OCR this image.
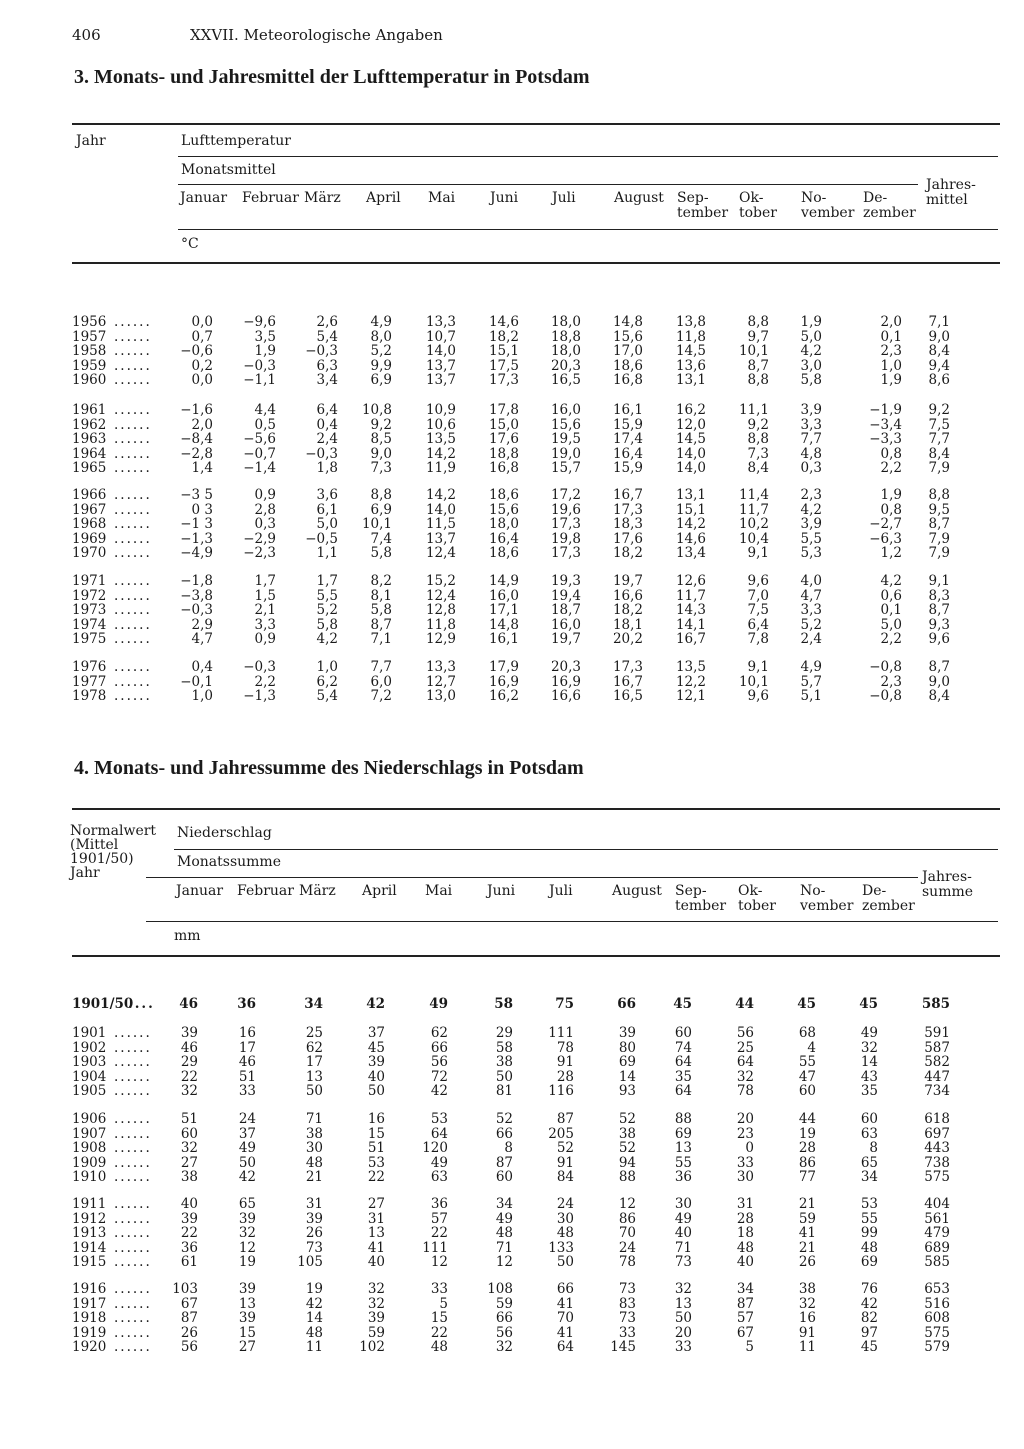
406	XXVII. Meteorologische Angaben
3. Monats- und Jahresmittel der Lufttemperatur in Potsdam
Jahr	Lufttemperatur
Monatsmittel
Januar Februar März April Mai Juni Juli	August Sep-
tember
Ok-
tober
No-
vember
De-
zember
Jahres-
mittel
°C
1956 ......	0,0 −9,6	2,6 4,9	13,3 14,6 18,0 14,8 13,8	8,8 1,9	2,0 7,1
1957 ......	0,7	3,5	5,4 8,0	10,7 18,2 18,8 15,6 11,8	9,7 5,0	0,1 9,0
1958 ...... −0,6	1,9 −0,3 5,2	14,0 15,1 18,0 17,0 14,5 10,1 4,2	2,3 8,4
1959 ......	0,2 −0,3	6,3 9,9	13,7 17,5 20,3 18,6 13,6	8,7 3,0	1,0 9,4
1960 ......	0,0 −1,1	3,4 6,9	13,7 17,3 16,5 16,8 13,1	8,8 5,8	1,9 8,6
1961 ...... −1,6	4,4	6,4 10,8	10,9 17,8 16,0 16,1 16,2 11,1 3,9	−1,9 9,2
1962 ......	2,0	0,5	0,4 9,2	10,6 15,0 15,6 15,9 12,0	9,2 3,3	−3,4 7,5
1963 ...... −8,4 −5,6	2,4 8,5	13,5 17,6 19,5 17,4 14,5	8,8 7,7	−3,3 7,7
1964 ...... −2,8 −0,7 −0,3 9,0	14,2 18,8 19,0 16,4 14,0	7,3 4,8	0,8 8,4
1965 ......	1,4 −1,4	1,8 7,3	11,9 16,8 15,7 15,9 14,0	8,4 0,3	2,2 7,9
1966 ...... −3 5	0,9	3,6 8,8	14,2 18,6 17,2 16,7 13,1 11,4 2,3	1,9 8,8
1967 ......	0 3	2,8	6,1 6,9	14,0 15,6 19,6 17,3 15,1 11,7 4,2	0,8 9,5
1968 ...... −1 3	0,3	5,0 10,1	11,5 18,0 17,3 18,3 14,2 10,2 3,9	−2,7 8,7
1969 ...... −1,3 −2,9 −0,5 7,4	13,7 16,4 19,8 17,6 14,6 10,4 5,5	−6,3 7,9
1970 ...... −4,9 −2,3	1,1 5,8	12,4 18,6 17,3 18,2 13,4	9,1 5,3	1,2 7,9
1971 ...... −1,8	1,7	1,7 8,2	15,2 14,9 19,3 19,7 12,6	9,6 4,0	4,2 9,1
1972 ...... −3,8	1,5	5,5 8,1	12,4 16,0 19,4 16,6 11,7	7,0 4,7	0,6 8,3
1973 ...... −0,3	2,1	5,2 5,8	12,8 17,1 18,7 18,2 14,3	7,5 3,3	0,1 8,7
1974 ......	2,9	3,3	5,8 8,7	11,8 14,8 16,0 18,1 14,1	6,4 5,2	5,0 9,3
1975 ......	4,7	0,9	4,2 7,1	12,9 16,1 19,7 20,2 16,7	7,8 2,4	2,2 9,6
1976 ......	0,4 −0,3	1,0 7,7	13,3 17,9 20,3 17,3 13,5	9,1 4,9	−0,8 8,7
1977 ...... −0,1	2,2	6,2 6,0	12,7 16,9 16,9 16,7 12,2 10,1 5,7	2,3 9,0
1978 ......	1,0 −1,3	5,4 7,2	13,0 16,2 16,6 16,5 12,1	9,6 5,1	−0,8 8,4
4. Monats- und Jahressumme des Niederschlags in Potsdam
Normalwert
(Mittel
1901/50)
Jahr
Niederschlag
Monatssumme
Januar Februar März April Mai Juni Juli	August Sep-
tember
Ok-
tober
No-
vember
De-
zember
Jahres-
summe
mm
1901/50
.... 46	36	34	42	49	58	75	66	45	44	45	45	585
1901 ...... 39	16	25	37	62	29	111	39	60	56	68	49	591
1902 ...... 46	17	62	45	66	58	78	80	74	25	4	32	587
1903 ...... 29	46	17	39	56	38	91	69	64	64	55	14	582
1904 ...... 22	51	13	40	72	50	28	14	35	32	47	43	447
1905 ...... 32	33	50	50	42	81	116	93	64	78	60	35	734
1906 ...... 51	24	71	16	53	52	87	52	88	20	44	60	618
1907 ...... 60	37	38	15	64	66	205	38	69	23	19	63	697
1908 ...... 32	49	30	51	120	8	52	52	13	0	28	8	443
1909 ...... 27	50	48	53	49	87	91	94	55	33	86	65	738
1910 ...... 38	42	21	22	63	60	84	88	36	30	77	34	575
1911 ...... 40	65	31	27	36	34	24	12	30	31	21	53	404
1912 ...... 39	39	39	31	57	49	30	86	49	28	59	55	561
1913 ...... 22	32	26	13	22	48	48	70	40	18	41	99	479
1914 ...... 36	12	73	41	111	71	133	24	71	48	21	48	689
1915 ...... 61	19	105	40	12	12	50	78	73	40	26	69	585
1916 ...... 103	39	19	32	33	108	66	73	32	34	38	76	653
1917 ...... 67	13	42	32	5	59	41	83	13	87	32	42	516
1918 ...... 87	39	14	39	15	66	70	73	50	57	16	82	608
1919 ...... 26	15	48	59	22	56	41	33	20	67	91	97	575
1920 ...... 56	27	11	102	48	32	64	145	33	5	11	45	579
